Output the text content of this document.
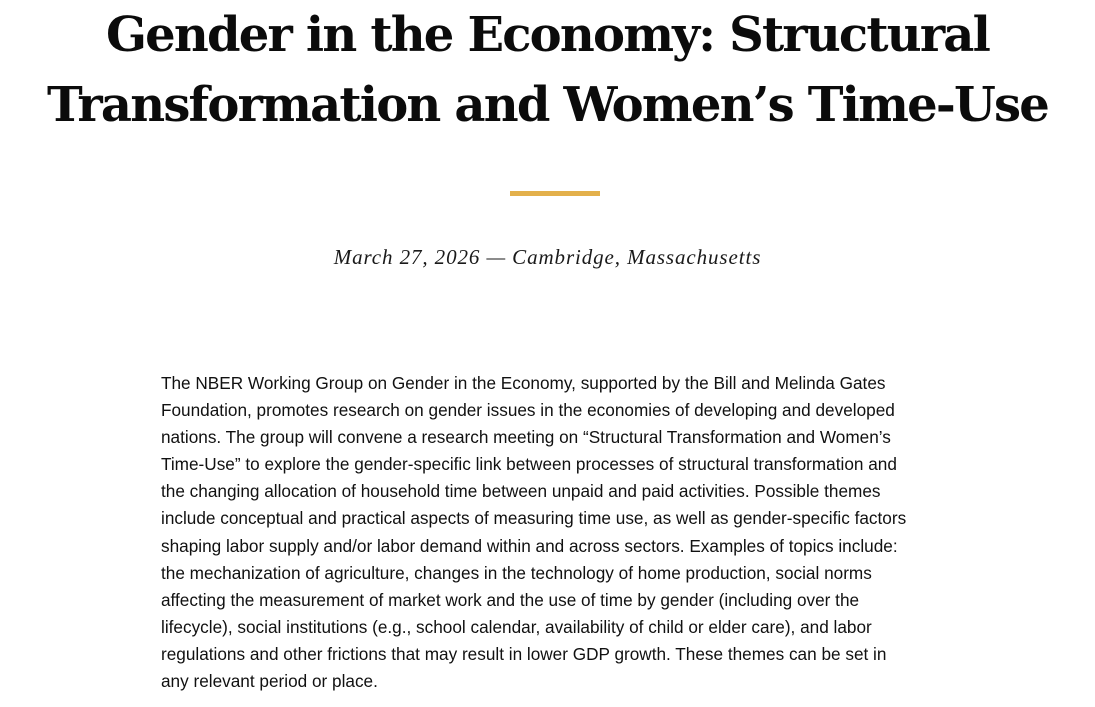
Gender in the Economy: Structural
Transformation and Women’s Time-Use

March 27, 2026 — Cambridge, Massachusetts

The NBER Working Group on Gender in the Economy, supported by the Bill and Melinda Gates
Foundation, promotes research on gender issues in the economies of developing and developed
nations. The group will convene a research meeting on “Structural Transformation and Women’s
Time-Use” to explore the gender-specific link between processes of structural transformation and
the changing allocation of household time between unpaid and paid activities. Possible themes
include conceptual and practical aspects of measuring time use, as well as gender-specific factors
shaping labor supply and/or labor demand within and across sectors. Examples of topics include:
the mechanization of agriculture, changes in the technology of home production, social norms
affecting the measurement of market work and the use of time by gender (including over the
lifecycle), social institutions (e.g., school calendar, availability of child or elder care), and labor
regulations and other frictions that may result in lower GDP growth. These themes can be set in
any relevant period or place.
